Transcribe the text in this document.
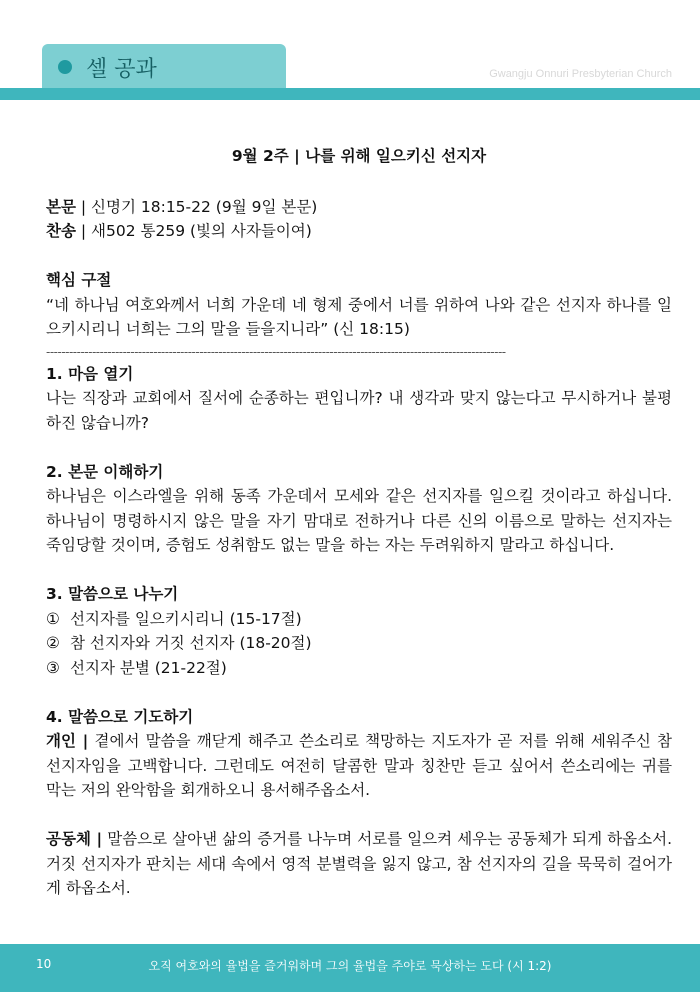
셀 공과	Gwangju Onnuri Presbyterian Church
9월 2주 | 나를 위해 일으키신 선지자
본문 | 신명기 18:15-22 (9월 9일 본문)
찬송 | 새502 통259 (빛의 사자들이여)
핵심 구절
“네 하나님 여호와께서 너희 가운데 네 형제 중에서 너를 위하여 나와 같은 선지자 하나를 일으키시리니 너희는 그의 말을 들을지니라” (신 18:15)
------------------------------------------------------------------------------------------------------------------------
1. 마음 열기
나는 직장과 교회에서 질서에 순종하는 편입니까? 내 생각과 맞지 않는다고 무시하거나 불평하진 않습니까?
2. 본문 이해하기
하나님은 이스라엘을 위해 동족 가운데서 모세와 같은 선지자를 일으킬 것이라고 하십니다. 하나님이 명령하시지 않은 말을 자기 맘대로 전하거나 다른 신의 이름으로 말하는 선지자는 죽임당할 것이며, 증험도 성취함도 없는 말을 하는 자는 두려워하지 말라고 하십니다.
3. 말씀으로 나누기
① 선지자를 일으키시리니 (15-17절)
② 참 선지자와 거짓 선지자 (18-20절)
③ 선지자 분별 (21-22절)
4. 말씀으로 기도하기
개인 | 곁에서 말씀을 깨닫게 해주고 쓴소리로 책망하는 지도자가 곧 저를 위해 세워주신 참 선지자임을 고백합니다. 그런데도 여전히 달콤한 말과 칭찬만 듣고 싶어서 쓴소리에는 귀를 막는 저의 완악함을 회개하오니 용서해주옵소서.
공동체 | 말씀으로 살아낸 삶의 증거를 나누며 서로를 일으켜 세우는 공동체가 되게 하옵소서. 거짓 선지자가 판치는 세대 속에서 영적 분별력을 잃지 않고, 참 선지자의 길을 묵묵히 걸어가게 하옵소서.
오직 여호와의 율법을 즐거워하며 그의 율법을 주야로 묵상하는 도다 (시 1:2)
10
